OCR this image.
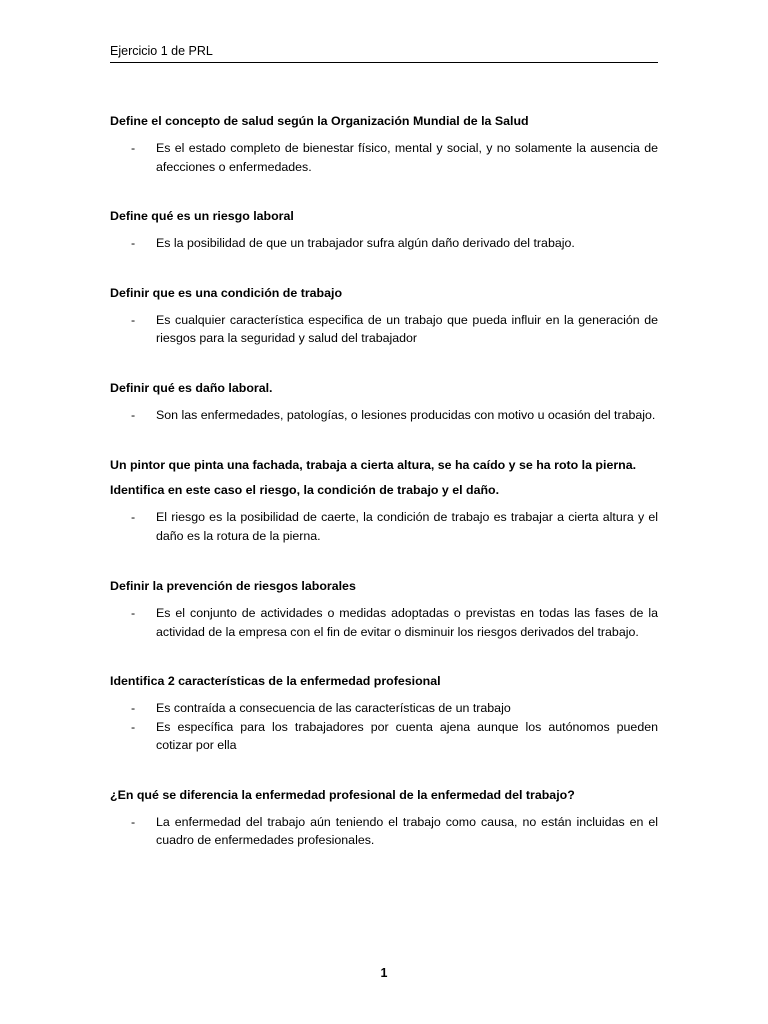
Ejercicio 1 de PRL

Define el concepto de salud según la Organización Mundial de la Salud

- Es el estado completo de bienestar físico, mental y social, y no solamente la ausencia de afecciones o enfermedades.

Define qué es un riesgo laboral

- Es la posibilidad de que un trabajador sufra algún daño derivado del trabajo.

Definir que es una condición de trabajo

- Es cualquier característica especifica de un trabajo que pueda influir en la generación de riesgos para la seguridad y salud del trabajador

Definir qué es daño laboral.

- Son las enfermedades, patologías, o lesiones producidas con motivo u ocasión del trabajo.

Un pintor que pinta una fachada, trabaja a cierta altura, se ha caído y se ha roto la pierna.

Identifica en este caso el riesgo, la condición de trabajo y el daño.

- El riesgo es la posibilidad de caerte, la condición de trabajo es trabajar a cierta altura y el daño es la rotura de la pierna.

Definir la prevención de riesgos laborales

- Es el conjunto de actividades o medidas adoptadas o previstas en todas las fases de la actividad de la empresa con el fin de evitar o disminuir los riesgos derivados del trabajo.

Identifica 2 características de la enfermedad profesional

- Es contraída a consecuencia de las características de un trabajo
- Es específica para los trabajadores por cuenta ajena aunque los autónomos pueden cotizar por ella

¿En qué se diferencia la enfermedad profesional de la enfermedad del trabajo?

- La enfermedad del trabajo aún teniendo el trabajo como causa, no están incluidas en el cuadro de enfermedades profesionales.
1
